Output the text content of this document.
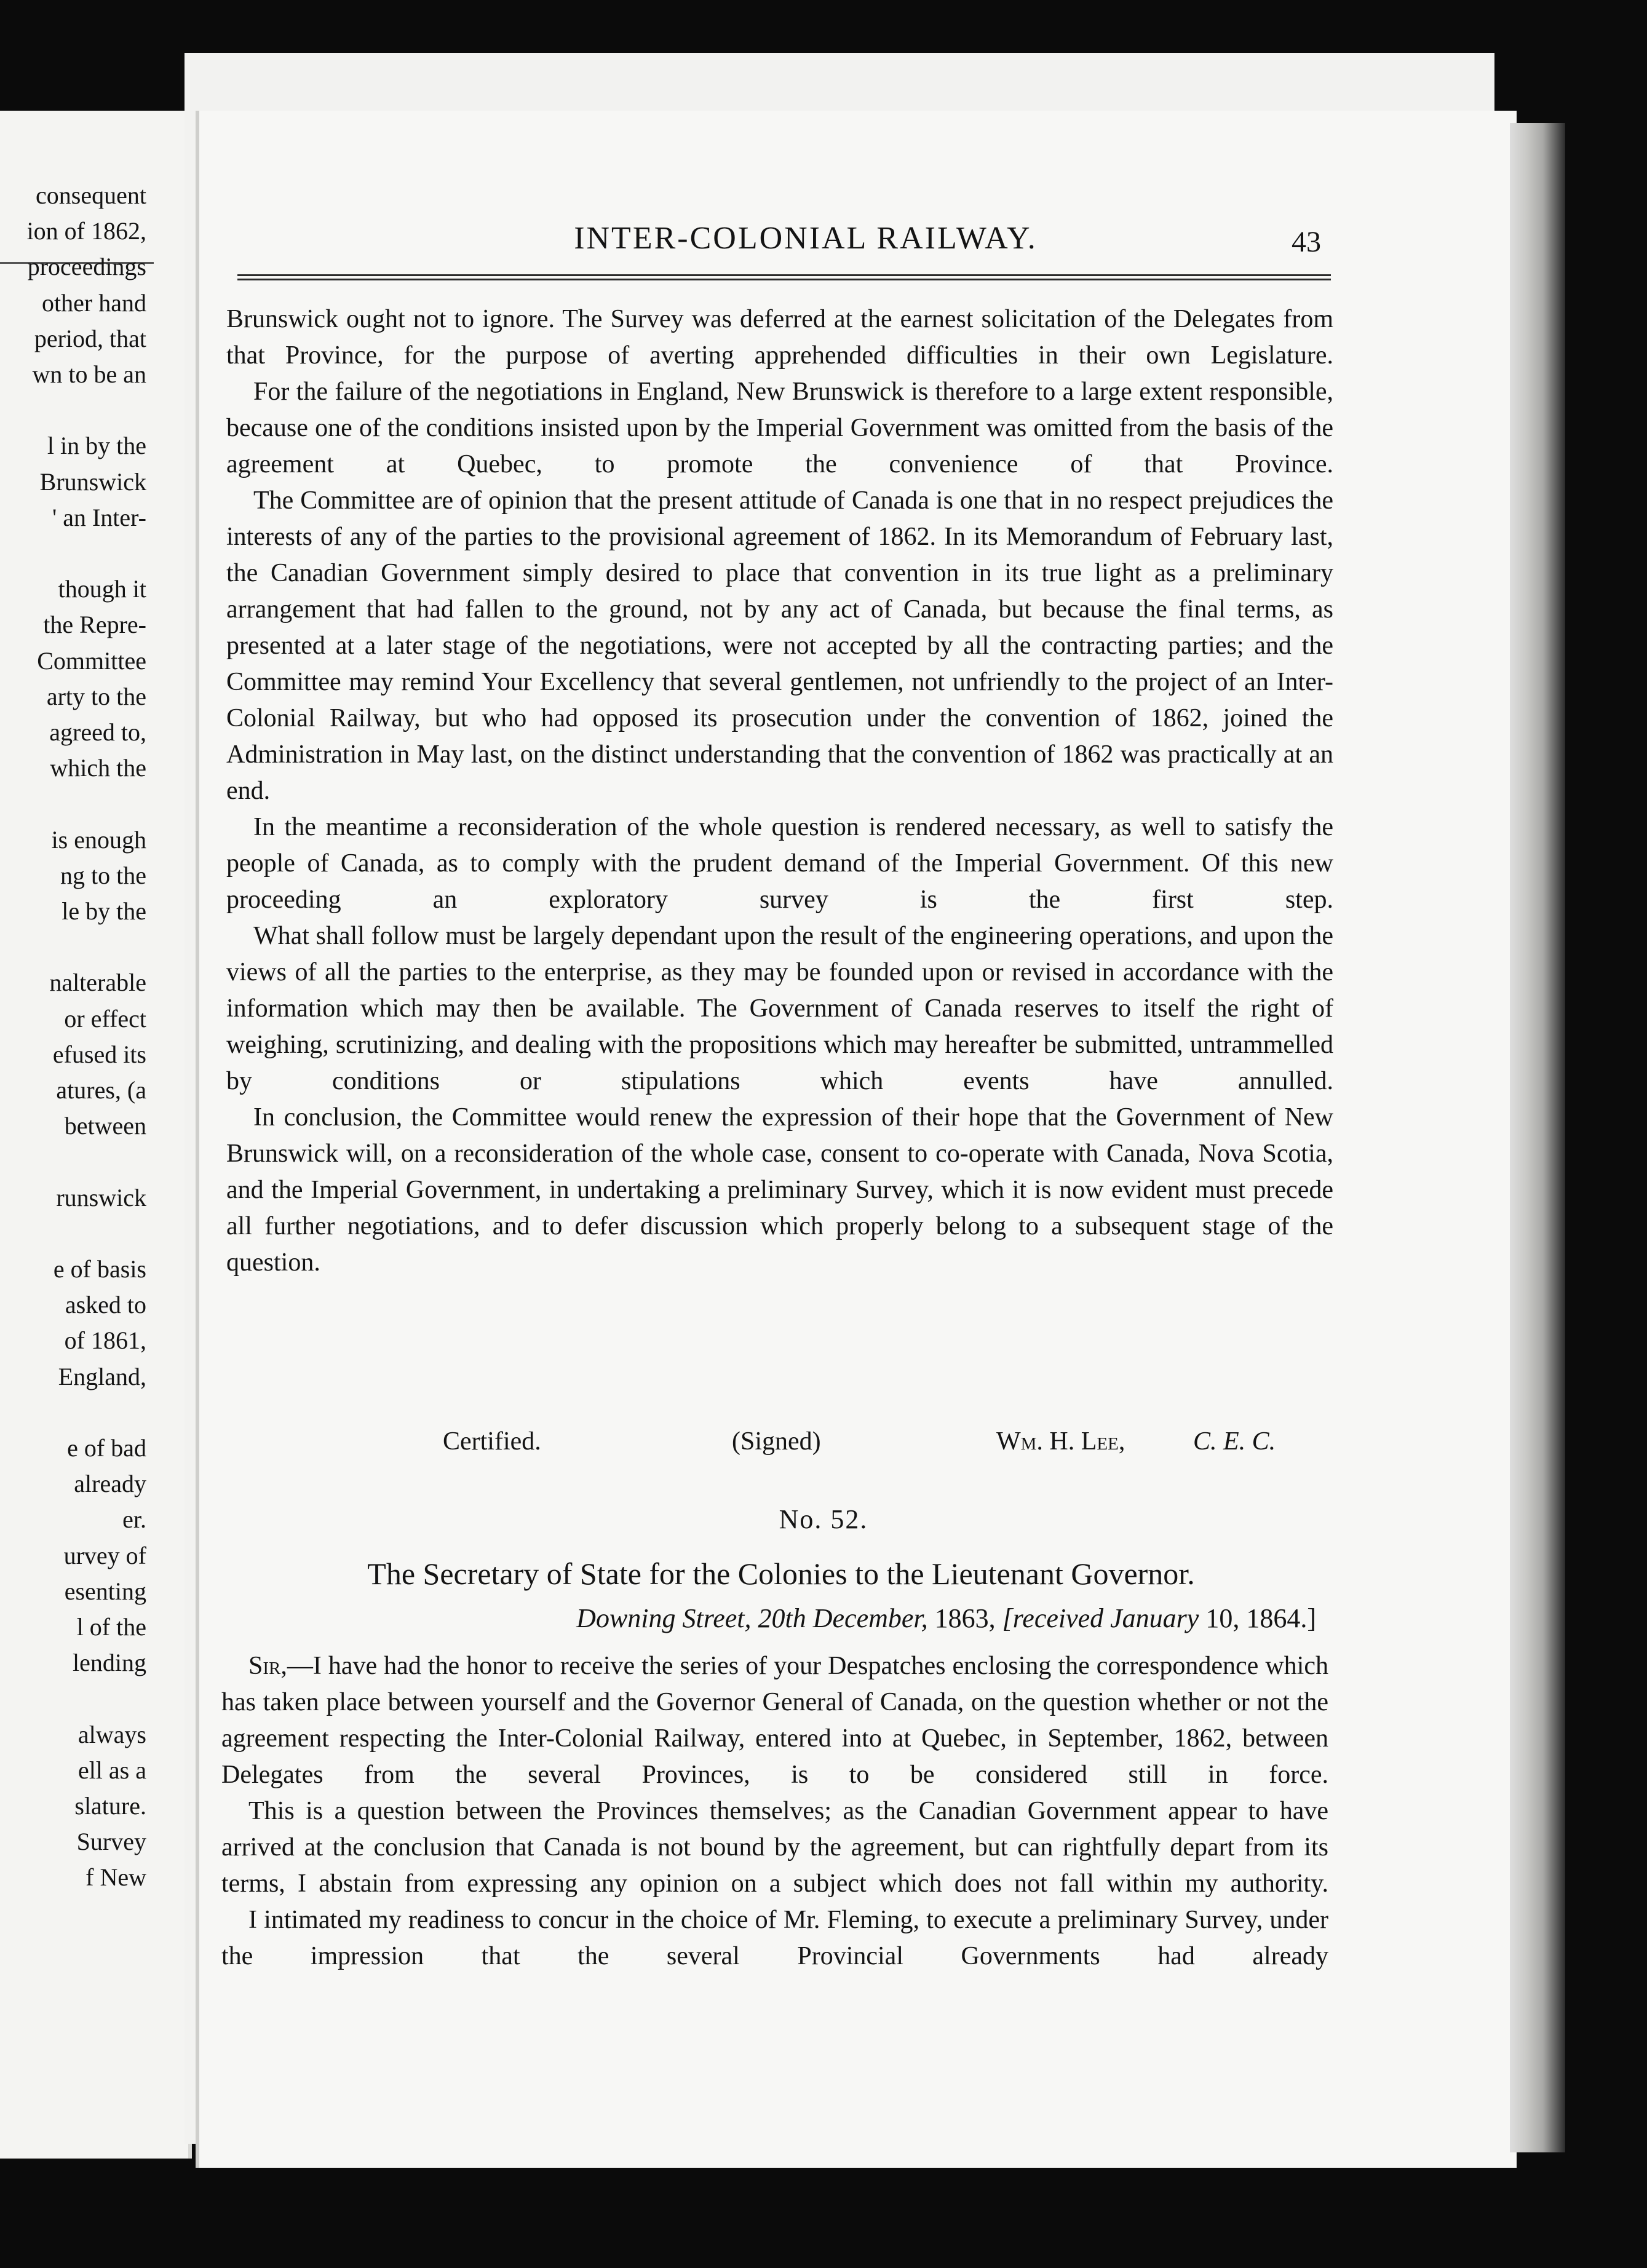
consequent
ion of 1862,
proceedings
other hand
period, that
wn to be an
l in by the
Brunswick
' an Inter-
though it
the Repre-
Committee
arty to the
agreed to,
which the
is enough
ng to the
le by the
nalterable
or effect
efused its
atures, (a
between
runswick
e of basis
asked to
of 1861,
England,
e of bad
already
er.
urvey of
esenting
l of the
lending
always
ell as a
slature.
Survey
f New
INTER-COLONIAL RAILWAY.	43

Brunswick ought not to ignore. The Survey was deferred at the earnest solicitation of the Delegates from that Province, for the purpose of averting apprehended difficulties in their own Legislature.

For the failure of the negotiations in England, New Brunswick is therefore to a large extent responsible, because one of the conditions insisted upon by the Imperial Government was omitted from the basis of the agreement at Quebec, to promote the convenience of that Province.

The Committee are of opinion that the present attitude of Canada is one that in no respect prejudices the interests of any of the parties to the provisional agreement of 1862. In its Memorandum of February last, the Canadian Government simply desired to place that convention in its true light as a preliminary arrangement that had fallen to the ground, not by any act of Canada, but because the final terms, as presented at a later stage of the negotiations, were not accepted by all the contracting parties; and the Committee may remind Your Excellency that several gentlemen, not unfriendly to the project of an Inter-Colonial Railway, but who had opposed its prosecution under the convention of 1862, joined the Administration in May last, on the distinct understanding that the convention of 1862 was practically at an end.

In the meantime a reconsideration of the whole question is rendered necessary, as well to satisfy the people of Canada, as to comply with the prudent demand of the Imperial Government. Of this new proceeding an exploratory survey is the first step.

What shall follow must be largely dependant upon the result of the engineering operations, and upon the views of all the parties to the enterprise, as they may be founded upon or revised in accordance with the information which may then be available. The Government of Canada reserves to itself the right of weighing, scrutinizing, and dealing with the propositions which may hereafter be submitted, untrammelled by conditions or stipulations which events have annulled.

In conclusion, the Committee would renew the expression of their hope that the Government of New Brunswick will, on a reconsideration of the whole case, consent to co-operate with Canada, Nova Scotia, and the Imperial Government, in undertaking a preliminary Survey, which it is now evident must precede all further negotiations, and to defer discussion which properly belong to a subsequent stage of the question.

Certified.	(Signed)	Wm. H. Lee,	C. E. C.
No. 52.
The Secretary of State for the Colonies to the Lieutenant Governor.
Downing Street, 20th December, 1863, [received January 10, 1864.]

Sir,—I have had the honor to receive the series of your Despatches enclosing the correspondence which has taken place between yourself and the Governor General of Canada, on the question whether or not the agreement respecting the Inter-Colonial Railway, entered into at Quebec, in September, 1862, between Delegates from the several Provinces, is to be considered still in force.

This is a question between the Provinces themselves; as the Canadian Government appear to have arrived at the conclusion that Canada is not bound by the agreement, but can rightfully depart from its terms, I abstain from expressing any opinion on a subject which does not fall within my authority.

I intimated my readiness to concur in the choice of Mr. Fleming, to execute a preliminary Survey, under the impression that the several Provincial Governments had already
